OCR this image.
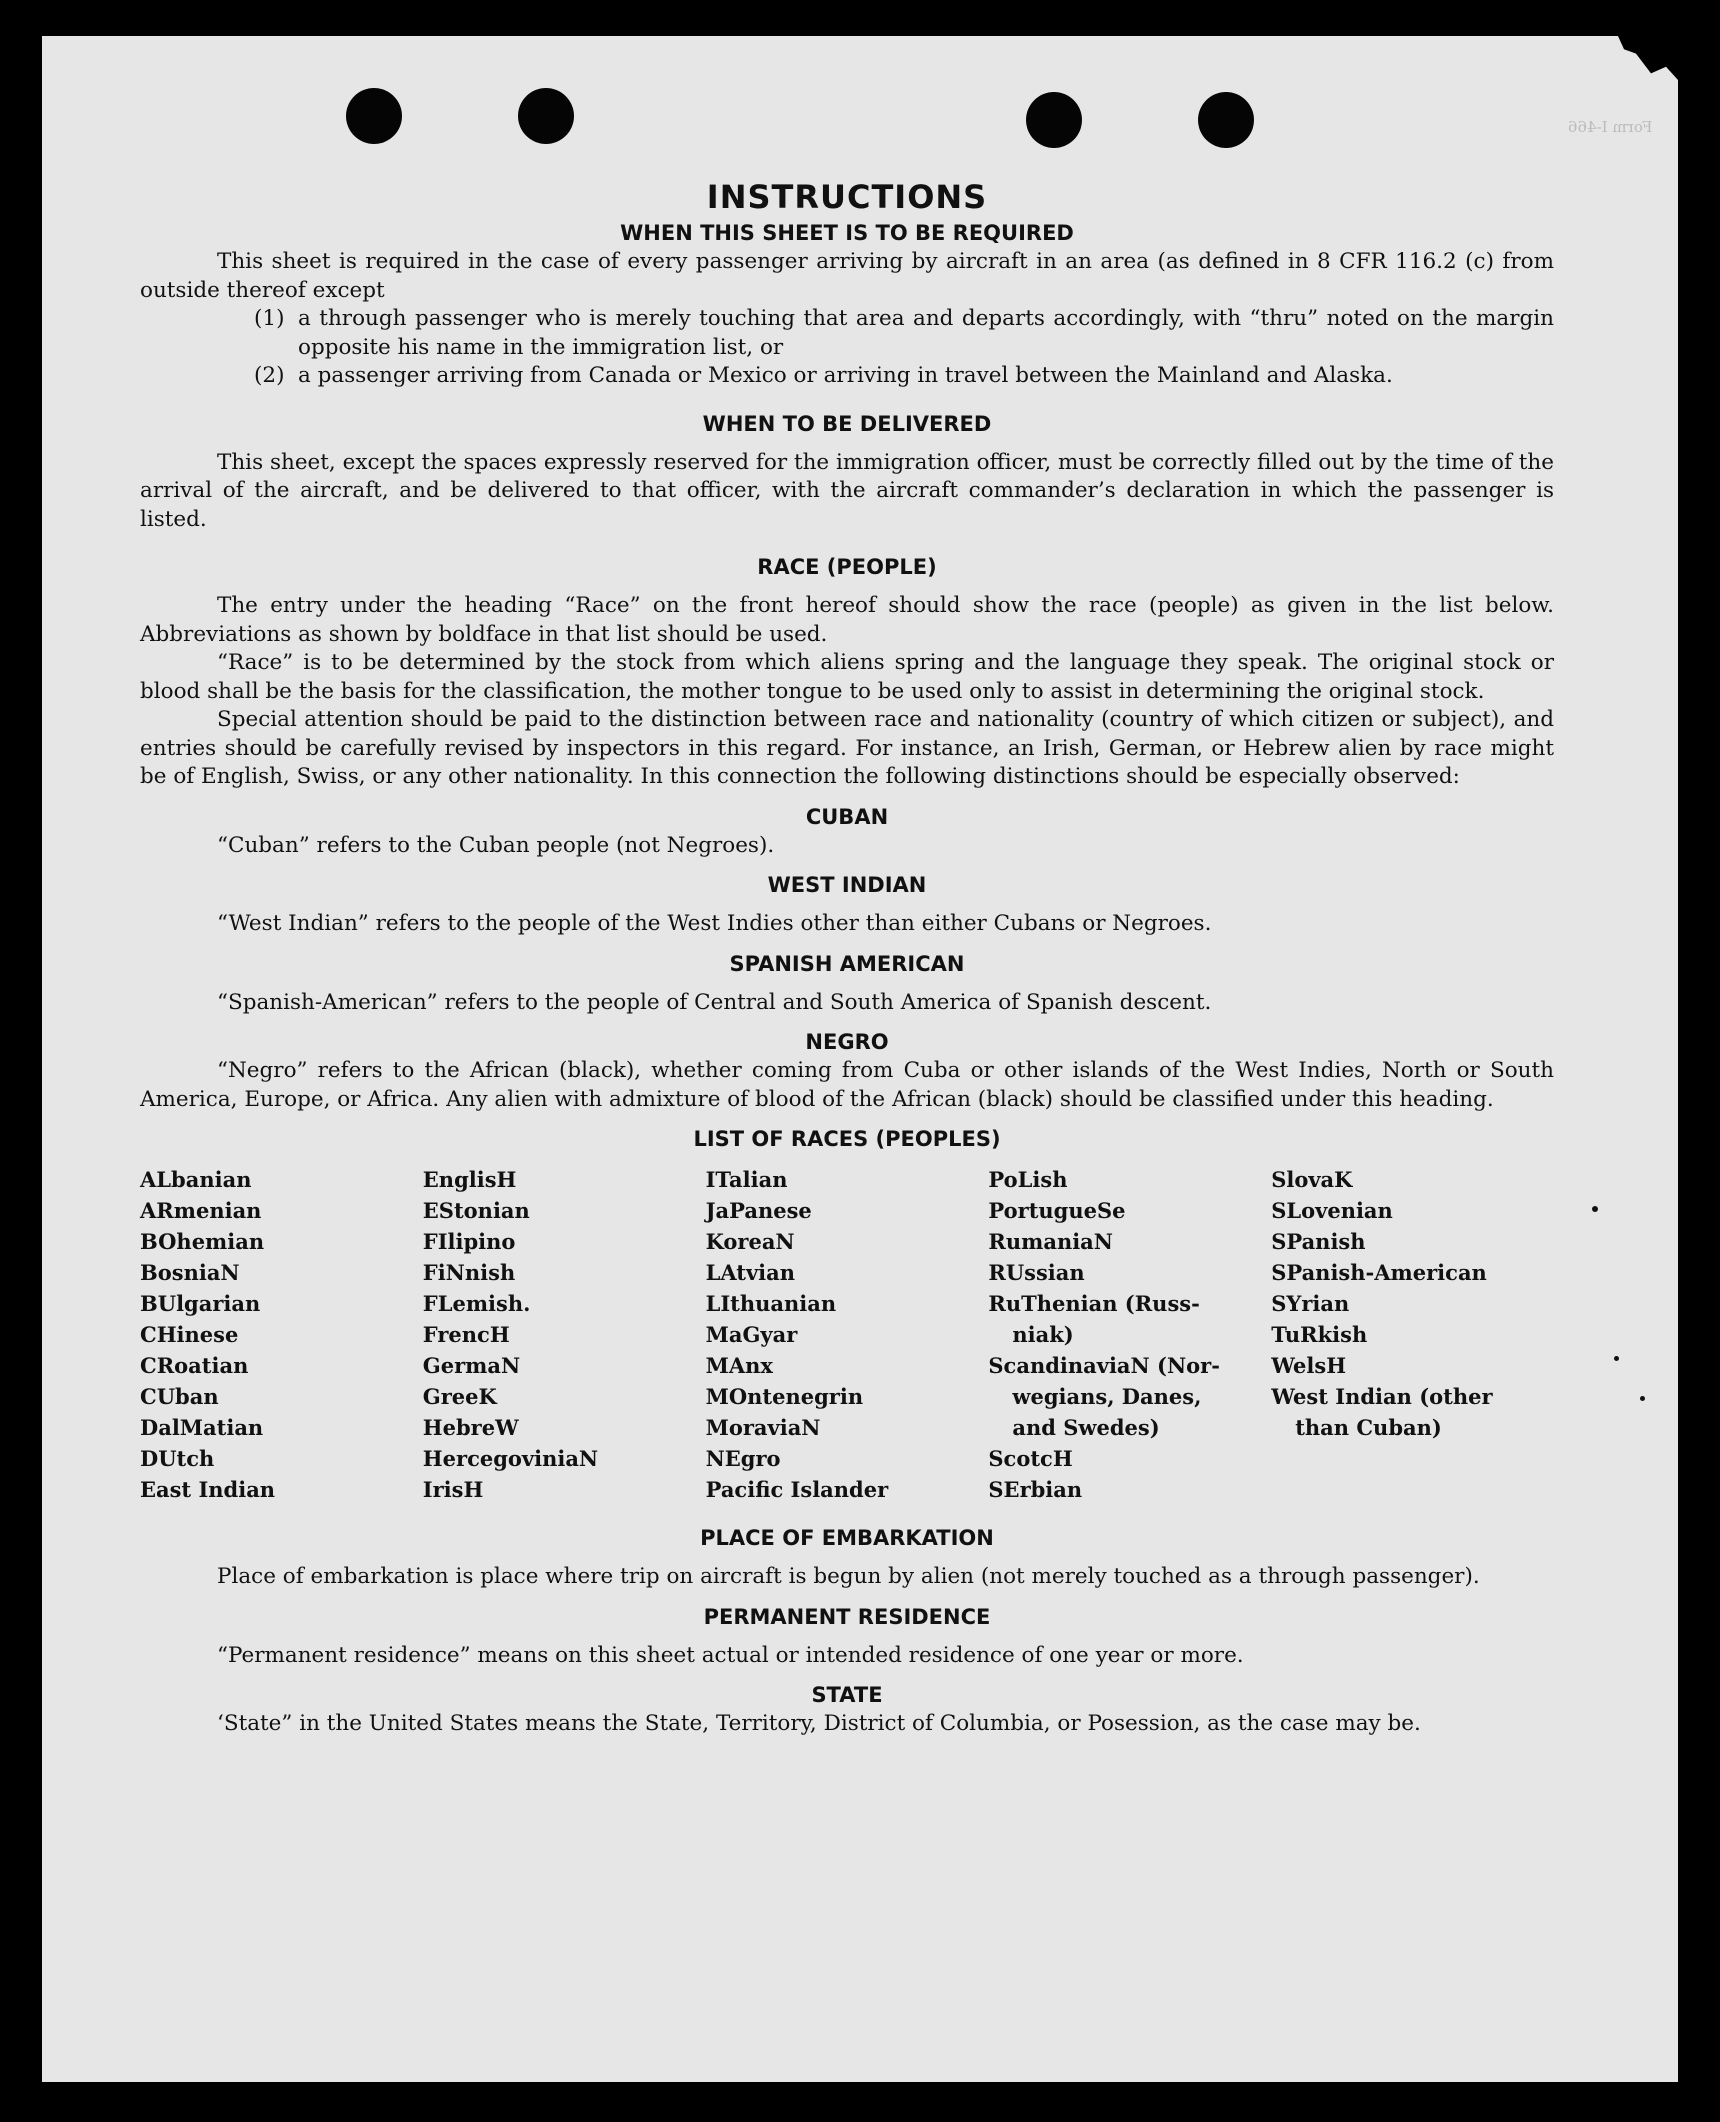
Form I-466
INSTRUCTIONS
WHEN THIS SHEET IS TO BE REQUIRED

This sheet is required in the case of every passenger arriving by aircraft in an area (as defined in 8 CFR 116.2 (c) from outside thereof except

(1) a through passenger who is merely touching that area and departs accordingly, with “thru” noted on the margin opposite his name in the immigration list, or
(2) a passenger arriving from Canada or Mexico or arriving in travel between the Mainland and Alaska.
WHEN TO BE DELIVERED

This sheet, except the spaces expressly reserved for the immigration officer, must be correctly filled out by the time of the arrival of the aircraft, and be delivered to that officer, with the aircraft commander’s declaration in which the passenger is listed.

RACE (PEOPLE)

The entry under the heading “Race” on the front hereof should show the race (people) as given in the list below. Abbreviations as shown by boldface in that list should be used.

“Race” is to be determined by the stock from which aliens spring and the language they speak. The original stock or blood shall be the basis for the classification, the mother tongue to be used only to assist in determining the original stock.

Special attention should be paid to the distinction between race and nationality (country of which citizen or subject), and entries should be carefully revised by inspectors in this regard. For instance, an Irish, German, or Hebrew alien by race might be of English, Swiss, or any other nationality. In this connection the following distinctions should be especially observed:

CUBAN

“Cuban” refers to the Cuban people (not Negroes).

WEST INDIAN

“West Indian” refers to the people of the West Indies other than either Cubans or Negroes.

SPANISH AMERICAN

“Spanish-American” refers to the people of Central and South America of Spanish descent.

NEGRO

“Negro” refers to the African (black), whether coming from Cuba or other islands of the West Indies, North or South America, Europe, or Africa. Any alien with admixture of blood of the African (black) should be classified under this heading.

LIST OF RACES (PEOPLES)
ALbanian
ARmenian
BOhemian
BosniaN
BUlgarian
CHinese
CRoatian
CUban
DalMatian
DUtch
East Indian
EnglisH
EStonian
FIlipino
FiNnish
FLemish.
FrencH
GermaN
GreeK
HebreW
HercegoviniaN
IrisH
ITalian
JaPanese
KoreaN
LAtvian
LIthuanian
MaGyar
MAnx
MOntenegrin
MoraviaN
NEgro
Pacific Islander
PoLish
PortugueSe
RumaniaN
RUssian
RuThenian (Russ-
niak)
ScandinaviaN (Nor-
wegians, Danes,
and Swedes)
ScotcH
SErbian
SlovaK
SLovenian
SPanish
SPanish-American
SYrian
TuRkish
WelsH
West Indian (other
than Cuban)
PLACE OF EMBARKATION

Place of embarkation is place where trip on aircraft is begun by alien (not merely touched as a through passenger).

PERMANENT RESIDENCE

“Permanent residence” means on this sheet actual or intended residence of one year or more.

STATE

‘State” in the United States means the State, Territory, District of Columbia, or Posession, as the case may be.
